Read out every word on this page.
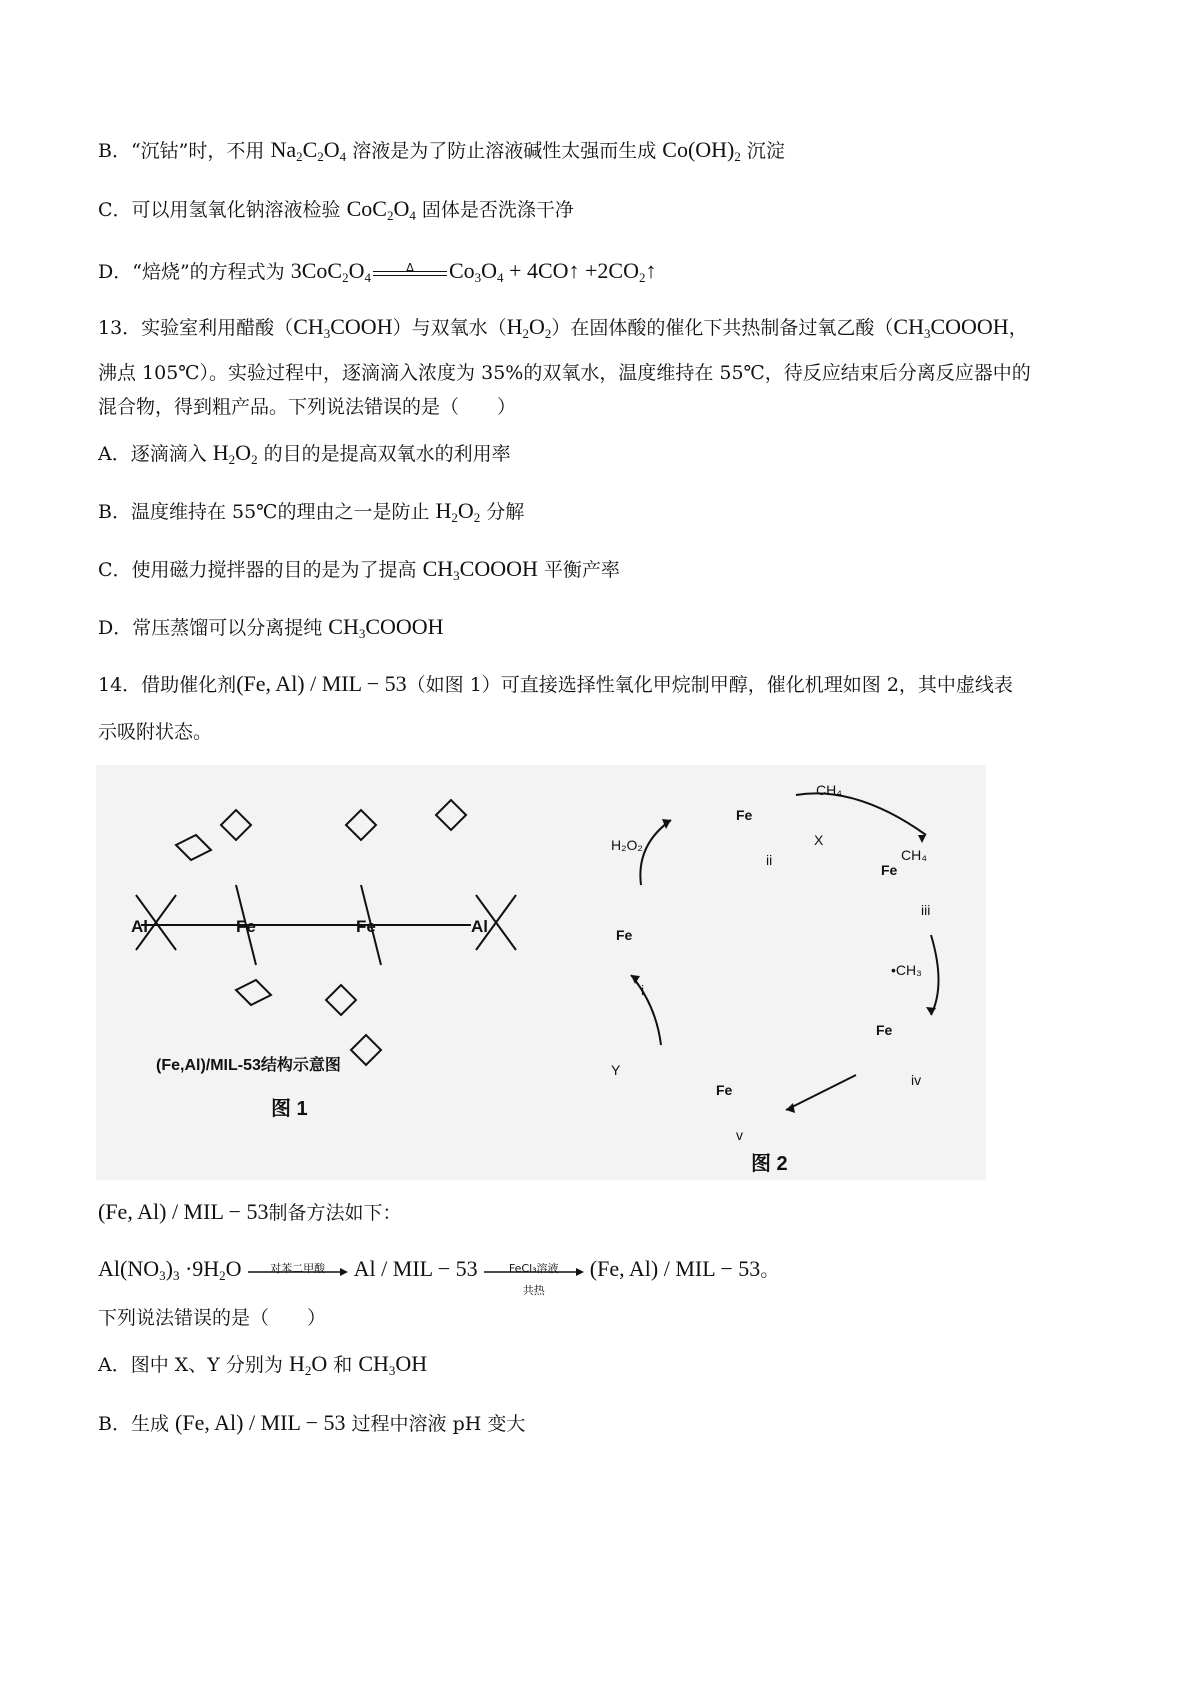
B．“沉钴”时，不用 $Na_2C_2O_4$ 溶液是为了防止溶液碱性太强而生成 $Co(OH)_2$ 沉淀
C．可以用氢氧化钠溶液检验 $CoC_2O_4$ 固体是否洗涤干净
D．“焙烧”的方程式为 $3CoC_2O_4$
Δ	$Co_3O_4$ + 4CO↑ $+2CO_2↑$
13．实验室利用醋酸$(CH_3COOH)$与双氧水$(H_2O_2)$在固体酸的催化下共热制备过氧乙酸（$CH_3COOOH$，
沸点 105℃）。实验过程中，逐滴滴入浓度为 35%的双氧水，温度维持在 55℃，待反应结束后分离反应器中的
混合物，得到粗产品。下列说法错误的是（　　）
A．逐滴滴入 $H_2O_2$ 的目的是提高双氧水的利用率
B．温度维持在 55℃的理由之一是防止 $H_2O_2$ 分解
C．使用磁力搅拌器的目的是为了提高 $CH_3COOOH$ 平衡产率
D．常压蒸馏可以分离提纯 $CH_3COOOH$
14．借助催化剂(Fe, Al) / MIL − 53（如图 1）可直接选择性氧化甲烷制甲醇，催化机理如图 2，其中虚线表
示吸附状态。
Al	Fe	Fe	Al
(Fe,Al)/MIL-53结构示意图
图 1
Fe
i
Fe
ii
Fe
iii
Fe
iv
Fe
v
H₂O₂
CH₄
CH₄
•CH₃
X
Y
图 2
(Fe, Al) / MIL − 53制备方法如下：
$Al(NO_3)_3 \cdot 9H_2O$	对苯二甲酸	Al / MIL − 53	FeCl₃溶液
共热
(Fe, Al) / MIL − 53。
下列说法错误的是（　　）
A．图中 X、Y 分别为 $H_2O$ 和 $CH_3OH$
B．生成 (Fe, Al) / MIL − 53 过程中溶液 pH 变大
